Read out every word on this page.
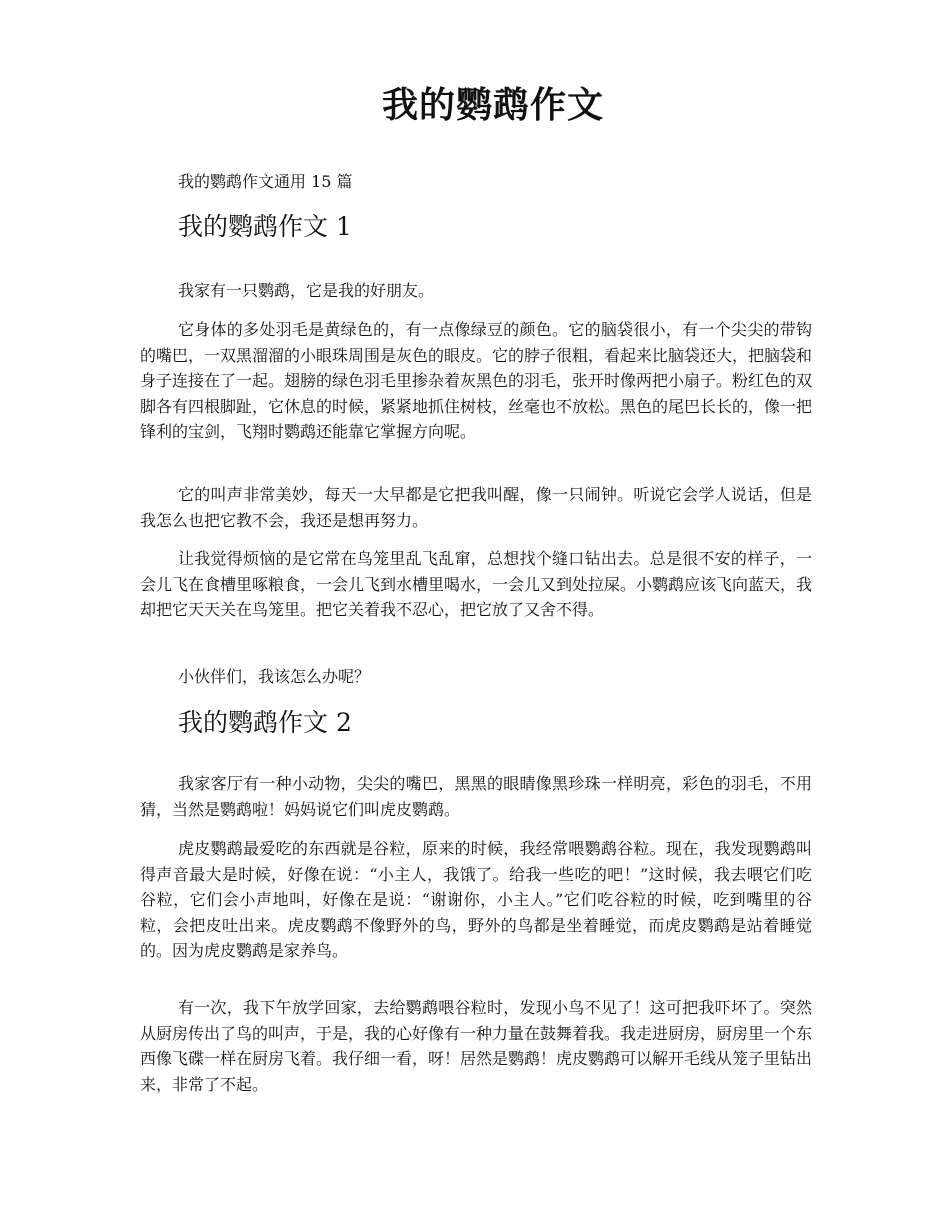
我的鹦鹉作文
我的鹦鹉作文通用 15 篇
我的鹦鹉作文 1

我家有一只鹦鹉，它是我的好朋友。

它身体的多处羽毛是黄绿色的，有一点像绿豆的颜色。它的脑袋很小，有一个尖尖的带钩的嘴巴，一双黑溜溜的小眼珠周围是灰色的眼皮。它的脖子很粗，看起来比脑袋还大，把脑袋和身子连接在了一起。翅膀的绿色羽毛里掺杂着灰黑色的羽毛，张开时像两把小扇子。粉红色的双脚各有四根脚趾，它休息的时候，紧紧地抓住树枝，丝毫也不放松。黑色的尾巴长长的，像一把锋利的宝剑，飞翔时鹦鹉还能靠它掌握方向呢。

它的叫声非常美妙，每天一大早都是它把我叫醒，像一只闹钟。听说它会学人说话，但是我怎么也把它教不会，我还是想再努力。

让我觉得烦恼的是它常在鸟笼里乱飞乱窜，总想找个缝口钻出去。总是很不安的样子，一会儿飞在食槽里啄粮食，一会儿飞到水槽里喝水，一会儿又到处拉屎。小鹦鹉应该飞向蓝天，我却把它天天关在鸟笼里。把它关着我不忍心，把它放了又舍不得。

小伙伴们，我该怎么办呢？

我的鹦鹉作文 2

我家客厅有一种小动物，尖尖的嘴巴，黑黑的眼睛像黑珍珠一样明亮，彩色的羽毛，不用猜，当然是鹦鹉啦！妈妈说它们叫虎皮鹦鹉。

虎皮鹦鹉最爱吃的东西就是谷粒，原来的时候，我经常喂鹦鹉谷粒。现在，我发现鹦鹉叫得声音最大是时候，好像在说：“小主人，我饿了。给我一些吃的吧！”这时候，我去喂它们吃谷粒，它们会小声地叫，好像在是说：“谢谢你，小主人。”它们吃谷粒的时候，吃到嘴里的谷粒，会把皮吐出来。虎皮鹦鹉不像野外的鸟，野外的鸟都是坐着睡觉，而虎皮鹦鹉是站着睡觉的。因为虎皮鹦鹉是家养鸟。

有一次，我下午放学回家，去给鹦鹉喂谷粒时，发现小鸟不见了！这可把我吓坏了。突然从厨房传出了鸟的叫声，于是，我的心好像有一种力量在鼓舞着我。我走进厨房，厨房里一个东西像飞碟一样在厨房飞着。我仔细一看，呀！居然是鹦鹉！虎皮鹦鹉可以解开毛线从笼子里钻出来，非常了不起。
